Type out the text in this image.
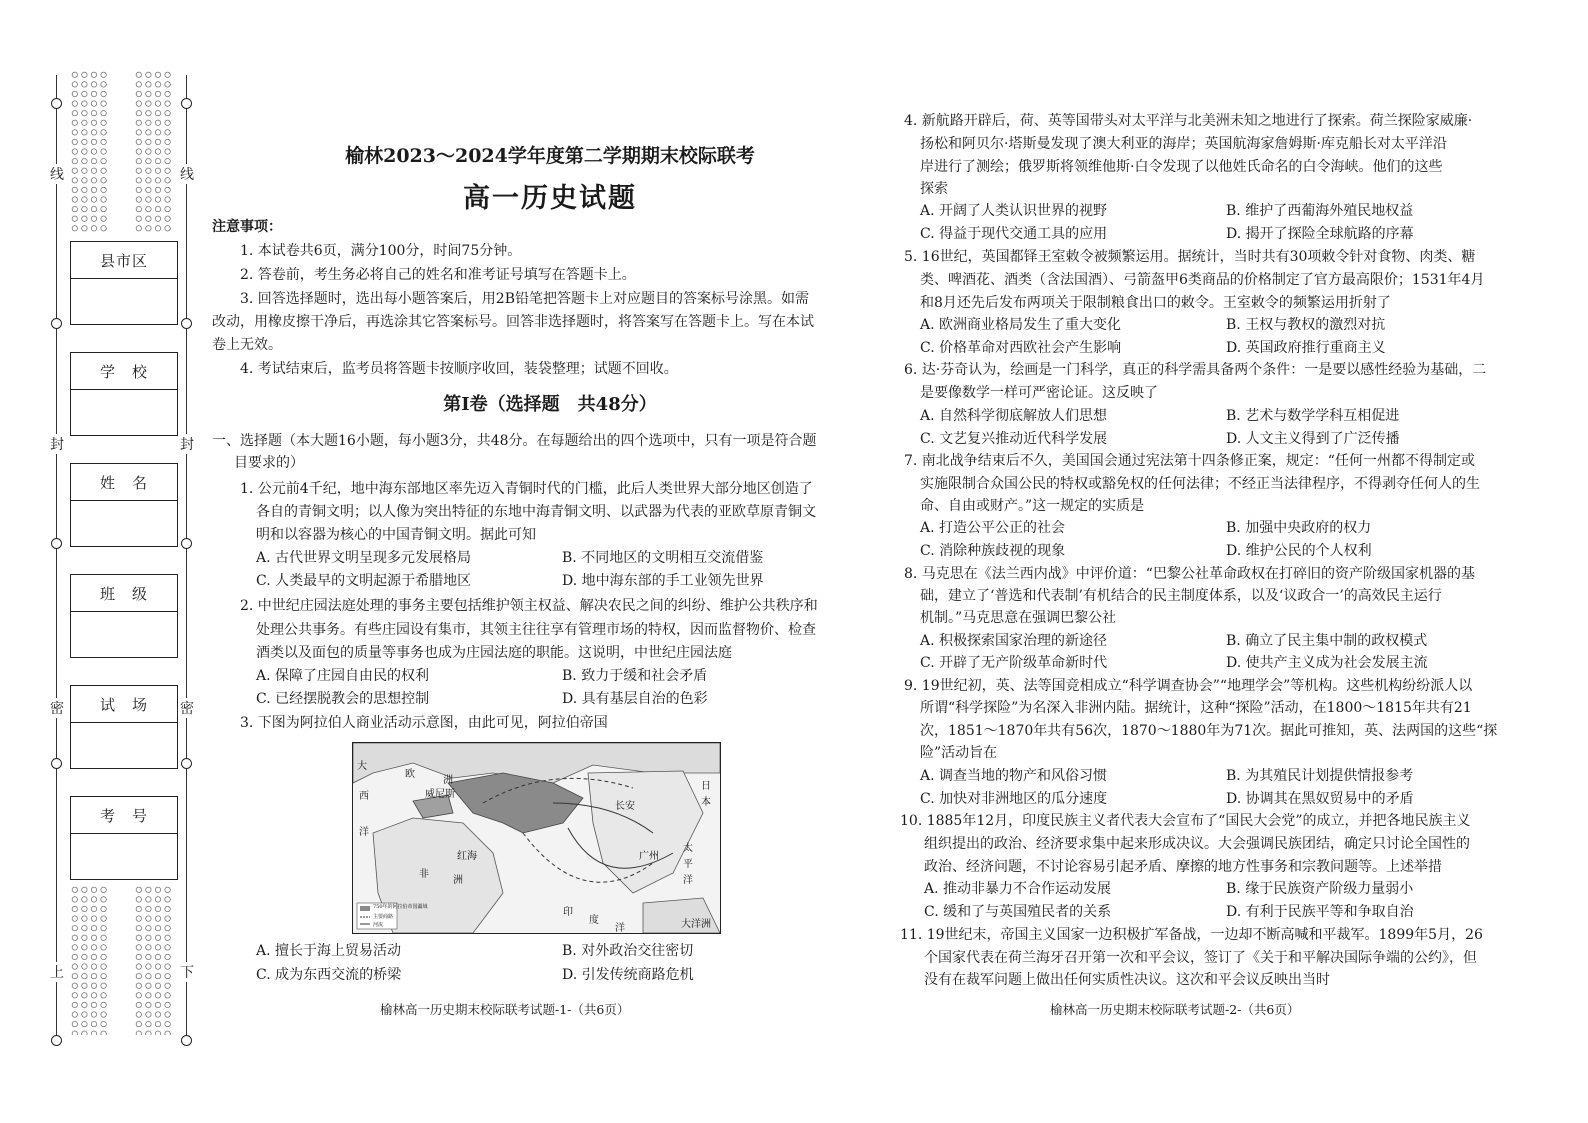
线	线
封	封
密	密
上	下
县市区
学　校
姓　名
班　级
试　场
考　号
榆林2023～2024学年度第二学期期末校际联考
高一历史试题
注意事项：
1. 本试卷共6页，满分100分，时间75分钟。
2. 答卷前，考生务必将自己的姓名和准考证号填写在答题卡上。
3. 回答选择题时，选出每小题答案后，用2B铅笔把答题卡上对应题目的答案标号涂黑。如需
改动，用橡皮擦干净后，再选涂其它答案标号。回答非选择题时，将答案写在答题卡上。写在本试
卷上无效。
4. 考试结束后，监考员将答题卡按顺序收回，装袋整理；试题不回收。
第Ⅰ卷（选择题　共48分）
一、选择题（本大题16小题，每小题3分，共48分。在每题给出的四个选项中，只有一项是符合题
目要求的）
1. 公元前4千纪，地中海东部地区率先迈入青铜时代的门槛，此后人类世界大部分地区创造了
各自的青铜文明；以人像为突出特征的东地中海青铜文明、以武器为代表的亚欧草原青铜文
明和以容器为核心的中国青铜文明。据此可知
A. 古代世界文明呈现多元发展格局	B. 不同地区的文明相互交流借鉴
C. 人类最早的文明起源于希腊地区	D. 地中海东部的手工业领先世界
2. 中世纪庄园法庭处理的事务主要包括维护领主权益、解决农民之间的纠纷、维护公共秩序和
处理公共事务。有些庄园设有集市，其领主往往享有管理市场的特权，因而监督物价、检查
酒类以及面包的质量等事务也成为庄园法庭的职能。这说明，中世纪庄园法庭
A. 保障了庄园自由民的权利	B. 致力于缓和社会矛盾
C. 已经摆脱教会的思想控制	D. 具有基层自治的色彩
3. 下图为阿拉伯人商业活动示意图，由此可见，阿拉伯帝国
大
欧
洲
西
洋
非
洲
红海
威尼斯
广州
长安
日
本
太
平
洋
印
度
洋	大洋洲
750年的阿拉伯帝国疆域
主要商路
河流
A. 擅长于海上贸易活动	B. 对外政治交往密切
C. 成为东西交流的桥梁	D. 引发传统商路危机
榆林高一历史期末校际联考试题-1-（共6页）
4. 新航路开辟后，荷、英等国带头对太平洋与北美洲未知之地进行了探索。荷兰探险家威廉·
扬松和阿贝尔·塔斯曼发现了澳大利亚的海岸；英国航海家詹姆斯·库克船长对太平洋沿
岸进行了测绘；俄罗斯将领维他斯·白令发现了以他姓氏命名的白令海峡。他们的这些
探索
A. 开阔了人类认识世界的视野	B. 维护了西葡海外殖民地权益
C. 得益于现代交通工具的应用	D. 揭开了探险全球航路的序幕
5. 16世纪，英国都铎王室敕令被频繁运用。据统计，当时共有30项敕令针对食物、肉类、糖
类、啤酒花、酒类（含法国酒）、弓箭盔甲6类商品的价格制定了官方最高限价；1531年4月
和8月还先后发布两项关于限制粮食出口的敕令。王室敕令的频繁运用折射了
A. 欧洲商业格局发生了重大变化	B. 王权与教权的激烈对抗
C. 价格革命对西欧社会产生影响	D. 英国政府推行重商主义
6. 达·芬奇认为，绘画是一门科学，真正的科学需具备两个条件：一是要以感性经验为基础，二
是要像数学一样可严密论证。这反映了
A. 自然科学彻底解放人们思想	B. 艺术与数学学科互相促进
C. 文艺复兴推动近代科学发展	D. 人文主义得到了广泛传播
7. 南北战争结束后不久，美国国会通过宪法第十四条修正案，规定：“任何一州都不得制定或
实施限制合众国公民的特权或豁免权的任何法律；不经正当法律程序，不得剥夺任何人的生
命、自由或财产。”这一规定的实质是
A. 打造公平公正的社会	B. 加强中央政府的权力
C. 消除种族歧视的现象	D. 维护公民的个人权利
8. 马克思在《法兰西内战》中评价道：“巴黎公社革命政权在打碎旧的资产阶级国家机器的基
础，建立了‘普选和代表制’有机结合的民主制度体系，以及‘议政合一’的高效民主运行
机制。”马克思意在强调巴黎公社
A. 积极探索国家治理的新途径	B. 确立了民主集中制的政权模式
C. 开辟了无产阶级革命新时代	D. 使共产主义成为社会发展主流
9. 19世纪初，英、法等国竞相成立“科学调查协会”“地理学会”等机构。这些机构纷纷派人以
所谓“科学探险”为名深入非洲内陆。据统计，这种“探险”活动，在1800～1815年共有21
次，1851～1870年共有56次，1870～1880年为71次。据此可推知，英、法两国的这些“探
险”活动旨在
A. 调查当地的物产和风俗习惯	B. 为其殖民计划提供情报参考
C. 加快对非洲地区的瓜分速度	D. 协调其在黑奴贸易中的矛盾
10. 1885年12月，印度民族主义者代表大会宣布了“国民大会党”的成立，并把各地民族主义
组织提出的政治、经济要求集中起来形成决议。大会强调民族团结，确定只讨论全国性的
政治、经济问题，不讨论容易引起矛盾、摩擦的地方性事务和宗教问题等。上述举措
A. 推动非暴力不合作运动发展	B. 缘于民族资产阶级力量弱小
C. 缓和了与英国殖民者的关系	D. 有利于民族平等和争取自治
11. 19世纪末，帝国主义国家一边积极扩军备战，一边却不断高喊和平裁军。1899年5月，26
个国家代表在荷兰海牙召开第一次和平会议，签订了《关于和平解决国际争端的公约》，但
没有在裁军问题上做出任何实质性决议。这次和平会议反映出当时
榆林高一历史期末校际联考试题-2-（共6页）
